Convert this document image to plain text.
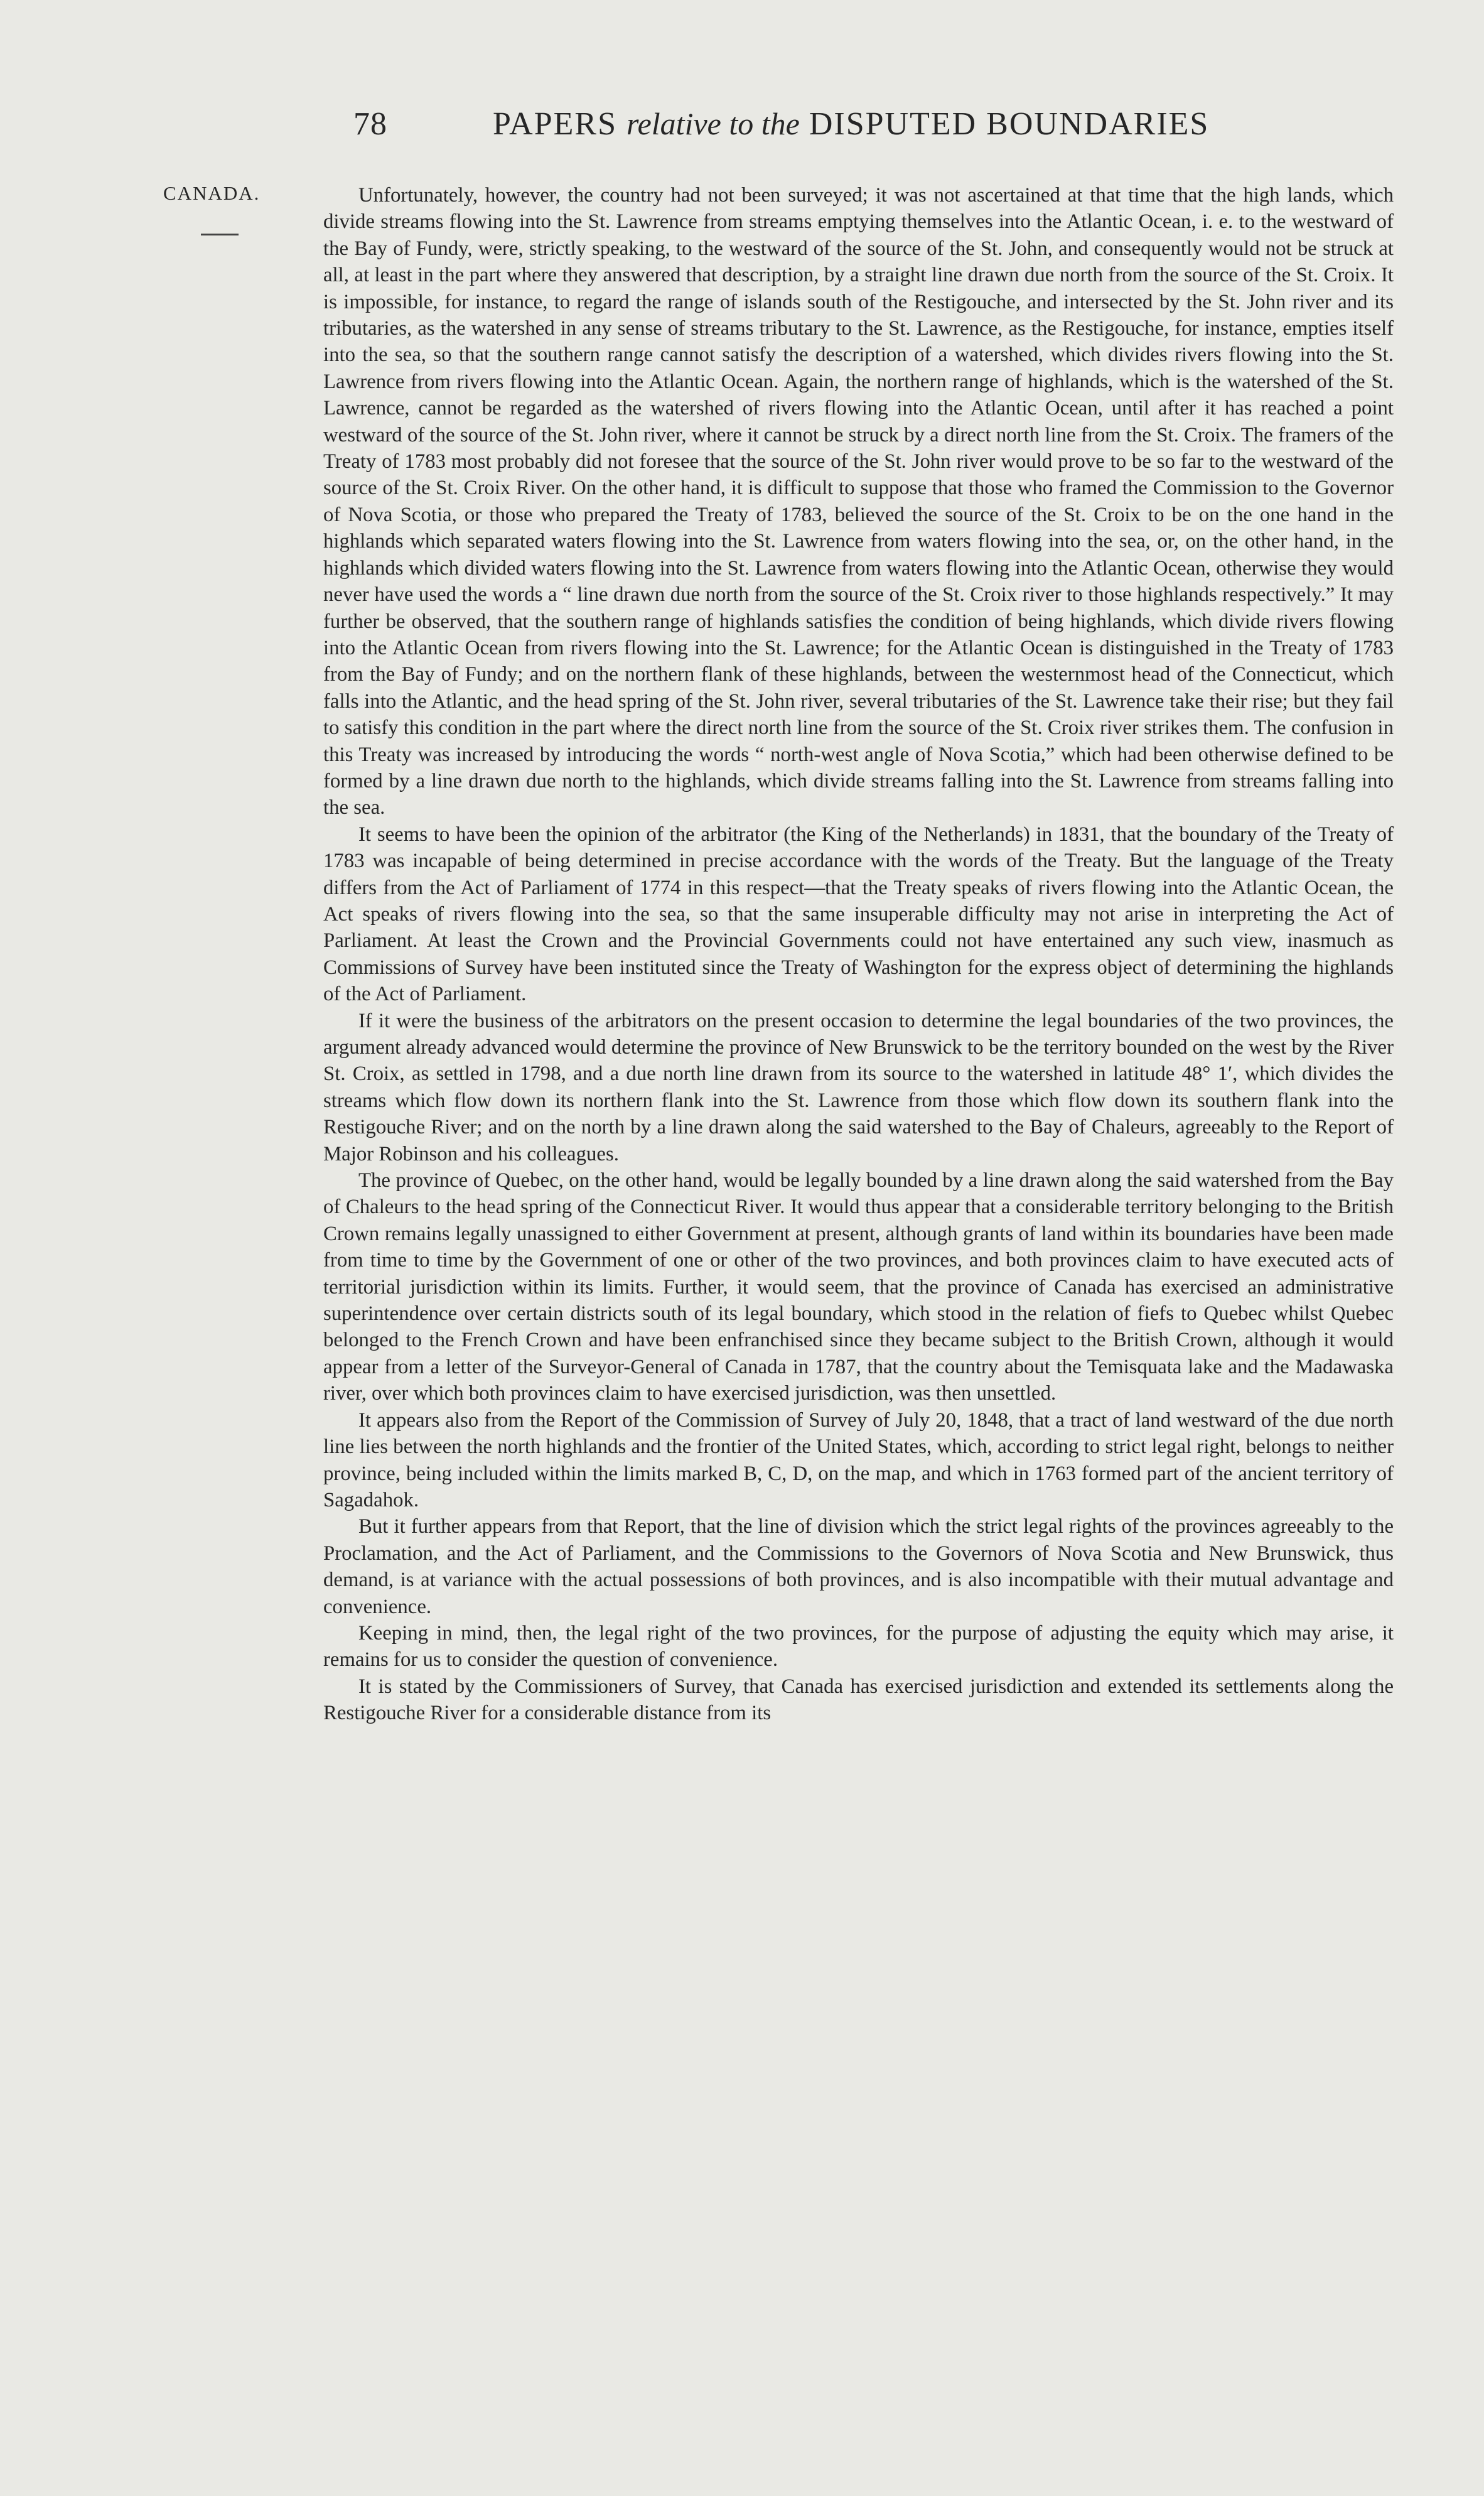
78	PAPERS relative to the DISPUTED BOUNDARIES
CANADA.	Unfortunately, however, the country had not been surveyed; it was not ascertained at that time that the high lands, which divide streams flowing into the St. Lawrence from streams emptying themselves into the Atlantic Ocean, i. e. to the westward of the Bay of Fundy, were, strictly speaking, to the westward of the source of the St. John, and consequently would not be struck at all, at least in the part where they answered that description, by a straight line drawn due north from the source of the St. Croix. It is impossible, for instance, to regard the range of islands south of the Restigouche, and intersected by the St. John river and its tributaries, as the watershed in any sense of streams tributary to the St. Lawrence, as the Restigouche, for instance, empties itself into the sea, so that the southern range cannot satisfy the description of a watershed, which divides rivers flowing into the St. Lawrence from rivers flowing into the Atlantic Ocean. Again, the northern range of highlands, which is the watershed of the St. Lawrence, cannot be regarded as the watershed of rivers flowing into the Atlantic Ocean, until after it has reached a point westward of the source of the St. John river, where it cannot be struck by a direct north line from the St. Croix. The framers of the Treaty of 1783 most probably did not foresee that the source of the St. John river would prove to be so far to the westward of the source of the St. Croix River. On the other hand, it is difficult to suppose that those who framed the Commission to the Governor of Nova Scotia, or those who prepared the Treaty of 1783, believed the source of the St. Croix to be on the one hand in the highlands which separated waters flowing into the St. Lawrence from waters flowing into the sea, or, on the other hand, in the highlands which divided waters flowing into the St. Lawrence from waters flowing into the Atlantic Ocean, otherwise they would never have used the words a “ line drawn due north from the source of the St. Croix river to those highlands respectively.” It may further be observed, that the southern range of highlands satisfies the condition of being highlands, which divide rivers flowing into the Atlantic Ocean from rivers flowing into the St. Lawrence; for the Atlantic Ocean is distinguished in the Treaty of 1783 from the Bay of Fundy; and on the northern flank of these highlands, between the westernmost head of the Connecticut, which falls into the Atlantic, and the head spring of the St. John river, several tributaries of the St. Lawrence take their rise; but they fail to satisfy this condition in the part where the direct north line from the source of the St. Croix river strikes them. The confusion in this Treaty was increased by introducing the words “ north-west angle of Nova Scotia,” which had been otherwise defined to be formed by a line drawn due north to the highlands, which divide streams falling into the St. Lawrence from streams falling into the sea.

It seems to have been the opinion of the arbitrator (the King of the Netherlands) in 1831, that the boundary of the Treaty of 1783 was incapable of being determined in precise accordance with the words of the Treaty. But the language of the Treaty differs from the Act of Parliament of 1774 in this respect—that the Treaty speaks of rivers flowing into the Atlantic Ocean, the Act speaks of rivers flowing into the sea, so that the same insuperable difficulty may not arise in interpreting the Act of Parliament. At least the Crown and the Provincial Governments could not have entertained any such view, inasmuch as Commissions of Survey have been instituted since the Treaty of Washington for the express object of determining the highlands of the Act of Parliament.

If it were the business of the arbitrators on the present occasion to determine the legal boundaries of the two provinces, the argument already advanced would determine the province of New Brunswick to be the territory bounded on the west by the River St. Croix, as settled in 1798, and a due north line drawn from its source to the watershed in latitude 48° 1′, which divides the streams which flow down its northern flank into the St. Lawrence from those which flow down its southern flank into the Restigouche River; and on the north by a line drawn along the said watershed to the Bay of Chaleurs, agreeably to the Report of Major Robinson and his colleagues.

The province of Quebec, on the other hand, would be legally bounded by a line drawn along the said watershed from the Bay of Chaleurs to the head spring of the Connecticut River. It would thus appear that a considerable territory belonging to the British Crown remains legally unassigned to either Government at present, although grants of land within its boundaries have been made from time to time by the Government of one or other of the two provinces, and both provinces claim to have executed acts of territorial jurisdiction within its limits. Further, it would seem, that the province of Canada has exercised an administrative superintendence over certain districts south of its legal boundary, which stood in the relation of fiefs to Quebec whilst Quebec belonged to the French Crown and have been enfranchised since they became subject to the British Crown, although it would appear from a letter of the Surveyor-General of Canada in 1787, that the country about the Temisquata lake and the Madawaska river, over which both provinces claim to have exercised jurisdiction, was then unsettled.

It appears also from the Report of the Commission of Survey of July 20, 1848, that a tract of land westward of the due north line lies between the north highlands and the frontier of the United States, which, according to strict legal right, belongs to neither province, being included within the limits marked B, C, D, on the map, and which in 1763 formed part of the ancient territory of Sagadahok.

But it further appears from that Report, that the line of division which the strict legal rights of the provinces agreeably to the Proclamation, and the Act of Parliament, and the Commissions to the Governors of Nova Scotia and New Brunswick, thus demand, is at variance with the actual possessions of both provinces, and is also incompatible with their mutual advantage and convenience.

Keeping in mind, then, the legal right of the two provinces, for the purpose of adjusting the equity which may arise, it remains for us to consider the question of convenience.

It is stated by the Commissioners of Survey, that Canada has exercised jurisdiction and extended its settlements along the Restigouche River for a considerable distance from its
